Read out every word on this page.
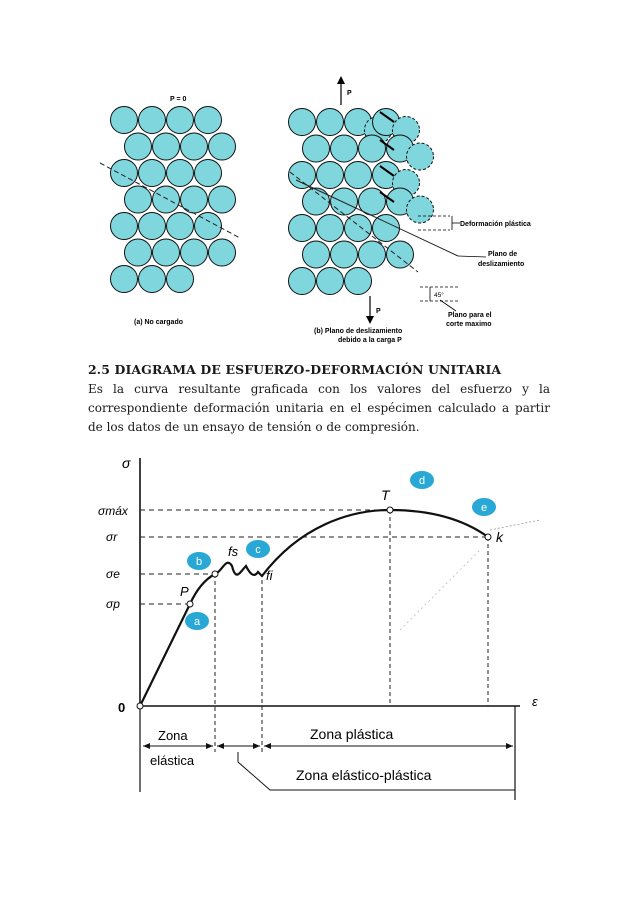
P
P
P = 0
Deformación plástica
Plano de
deslizamiento
45°
Plano para el
corte maximo
(a) No cargado
(b) Plano de deslizamiento
debido a la carga P
2.5 DIAGRAMA DE ESFUERZO-DEFORMACIÓN UNITARIA

Es la curva resultante graficada con los valores del esfuerzo y la correspondiente deformación unitaria en el espécimen calculado a partir de los datos de un ensayo de tensión o de compresión.

σ
ε
0
σmáx
σr
σe
σp
P
fs
fi
T
k
a
b
c
d
e
Zona
elástica
Zona plástica
Zona elástico-plástica
